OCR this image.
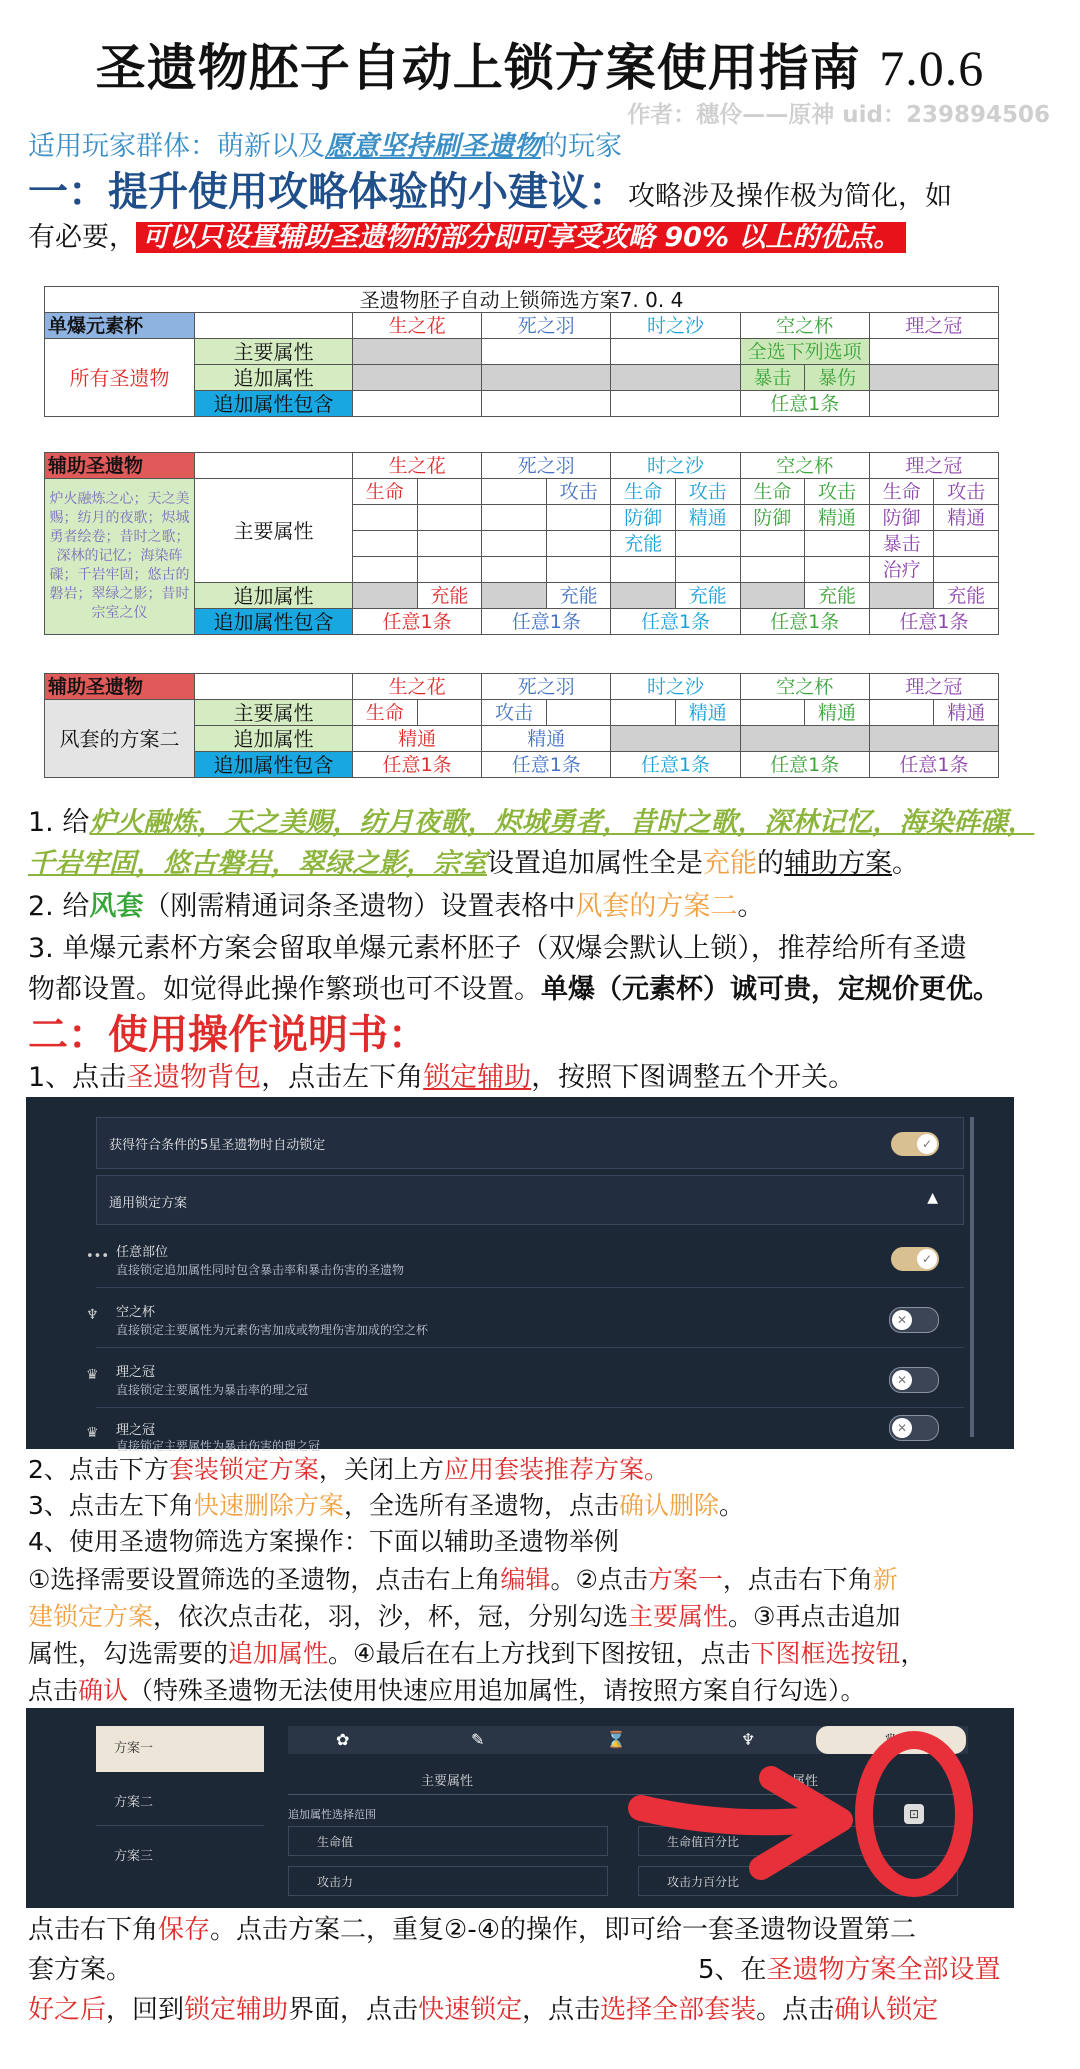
圣遗物胚子自动上锁方案使用指南 7.0.6
作者：穗伶——原神 uid：239894506
适用玩家群体：萌新以及愿意坚持刷圣遗物的玩家
一：提升使用攻略体验的小建议：攻略涉及操作极为简化，如
有必要， 可以只设置辅助圣遗物的部分即可享受攻略 90% 以上的优点。
圣遗物胚子自动上锁筛选方案7. 0. 4							
单爆元素杯		生之花	死之羽	时之沙	空之杯		理之冠
所有圣遗物	主要属性				全选下列选项		
	追加属性				暴击	暴伤	
	追加属性包含				任意1条		
辅助圣遗物		生之花		死之羽		时之沙		空之杯		理之冠	
炉火融炼之心；天之美赐；纺月的夜歌；烬城勇者绘卷；昔时之歌；深林的记忆；海染砗磲；千岩牢固；悠古的磐岩；翠绿之影；昔时宗室之仪	主要属性	生命			攻击	生命	攻击	生命	攻击	生命	攻击
						防御	精通	防御	精通	防御	精通
						充能				暴击	
										治疗	
	追加属性		充能		充能		充能		充能		充能
	追加属性包含	任意1条		任意1条		任意1条		任意1条		任意1条	
辅助圣遗物		生之花		死之羽		时之沙		空之杯		理之冠	
风套的方案二	主要属性	生命		攻击			精通		精通		精通
	追加属性	精通		精通							
	追加属性包含	任意1条		任意1条		任意1条		任意1条		任意1条	
1. 给炉火融炼，天之美赐，纺月夜歌，烬城勇者，昔时之歌，深林记忆，海染砗磲，千岩牢固，悠古磐岩，翠绿之影，宗室设置追加属性全是充能的辅助方案。
2. 给风套（刚需精通词条圣遗物）设置表格中风套的方案二。
3. 单爆元素杯方案会留取单爆元素杯胚子（双爆会默认上锁），推荐给所有圣遗
物都设置。如觉得此操作繁琐也可不设置。单爆（元素杯）诚可贵，定规价更优。
二：使用操作说明书：
1、点击圣遗物背包，点击左下角锁定辅助，按照下图调整五个开关。
获得符合条件的5星圣遗物时自动锁定	✓
通用锁定方案	▲
••• 任意部位
直接锁定追加属性同时包含暴击率和暴击伤害的圣遗物
✓
♆ 空之杯
直接锁定主要属性为元素伤害加成或物理伤害加成的空之杯
✕
♛ 理之冠
直接锁定主要属性为暴击率的理之冠
✕
♛ 理之冠
直接锁定主要属性为暴击伤害的理之冠
✕
2、点击下方套装锁定方案，关闭上方应用套装推荐方案。
3、点击左下角快速删除方案，全选所有圣遗物，点击确认删除。
4、使用圣遗物筛选方案操作：下面以辅助圣遗物举例
①选择需要设置筛选的圣遗物，点击右上角编辑。②点击方案一，点击右下角新
建锁定方案，依次点击花，羽，沙，杯，冠，分别勾选主要属性。③再点击追加
属性，勾选需要的追加属性。④最后在右上方找到下图按钮，点击下图框选按钮，
点击确认（特殊圣遗物无法使用快速应用追加属性，请按照方案自行勾选）。
方案一
方案二
方案三
✿	✎	⌛	♆	♛
主要属性	追加属性
追加属性选择范围
生命值	生命值百分比
攻击力	攻击力百分比
⊡
点击右下角保存。点击方案二，重复②-④的操作，即可给一套圣遗物设置第二
套方案。	5、在圣遗物方案全部设置
好之后，回到锁定辅助界面，点击快速锁定，点击选择全部套装。点击确认锁定
